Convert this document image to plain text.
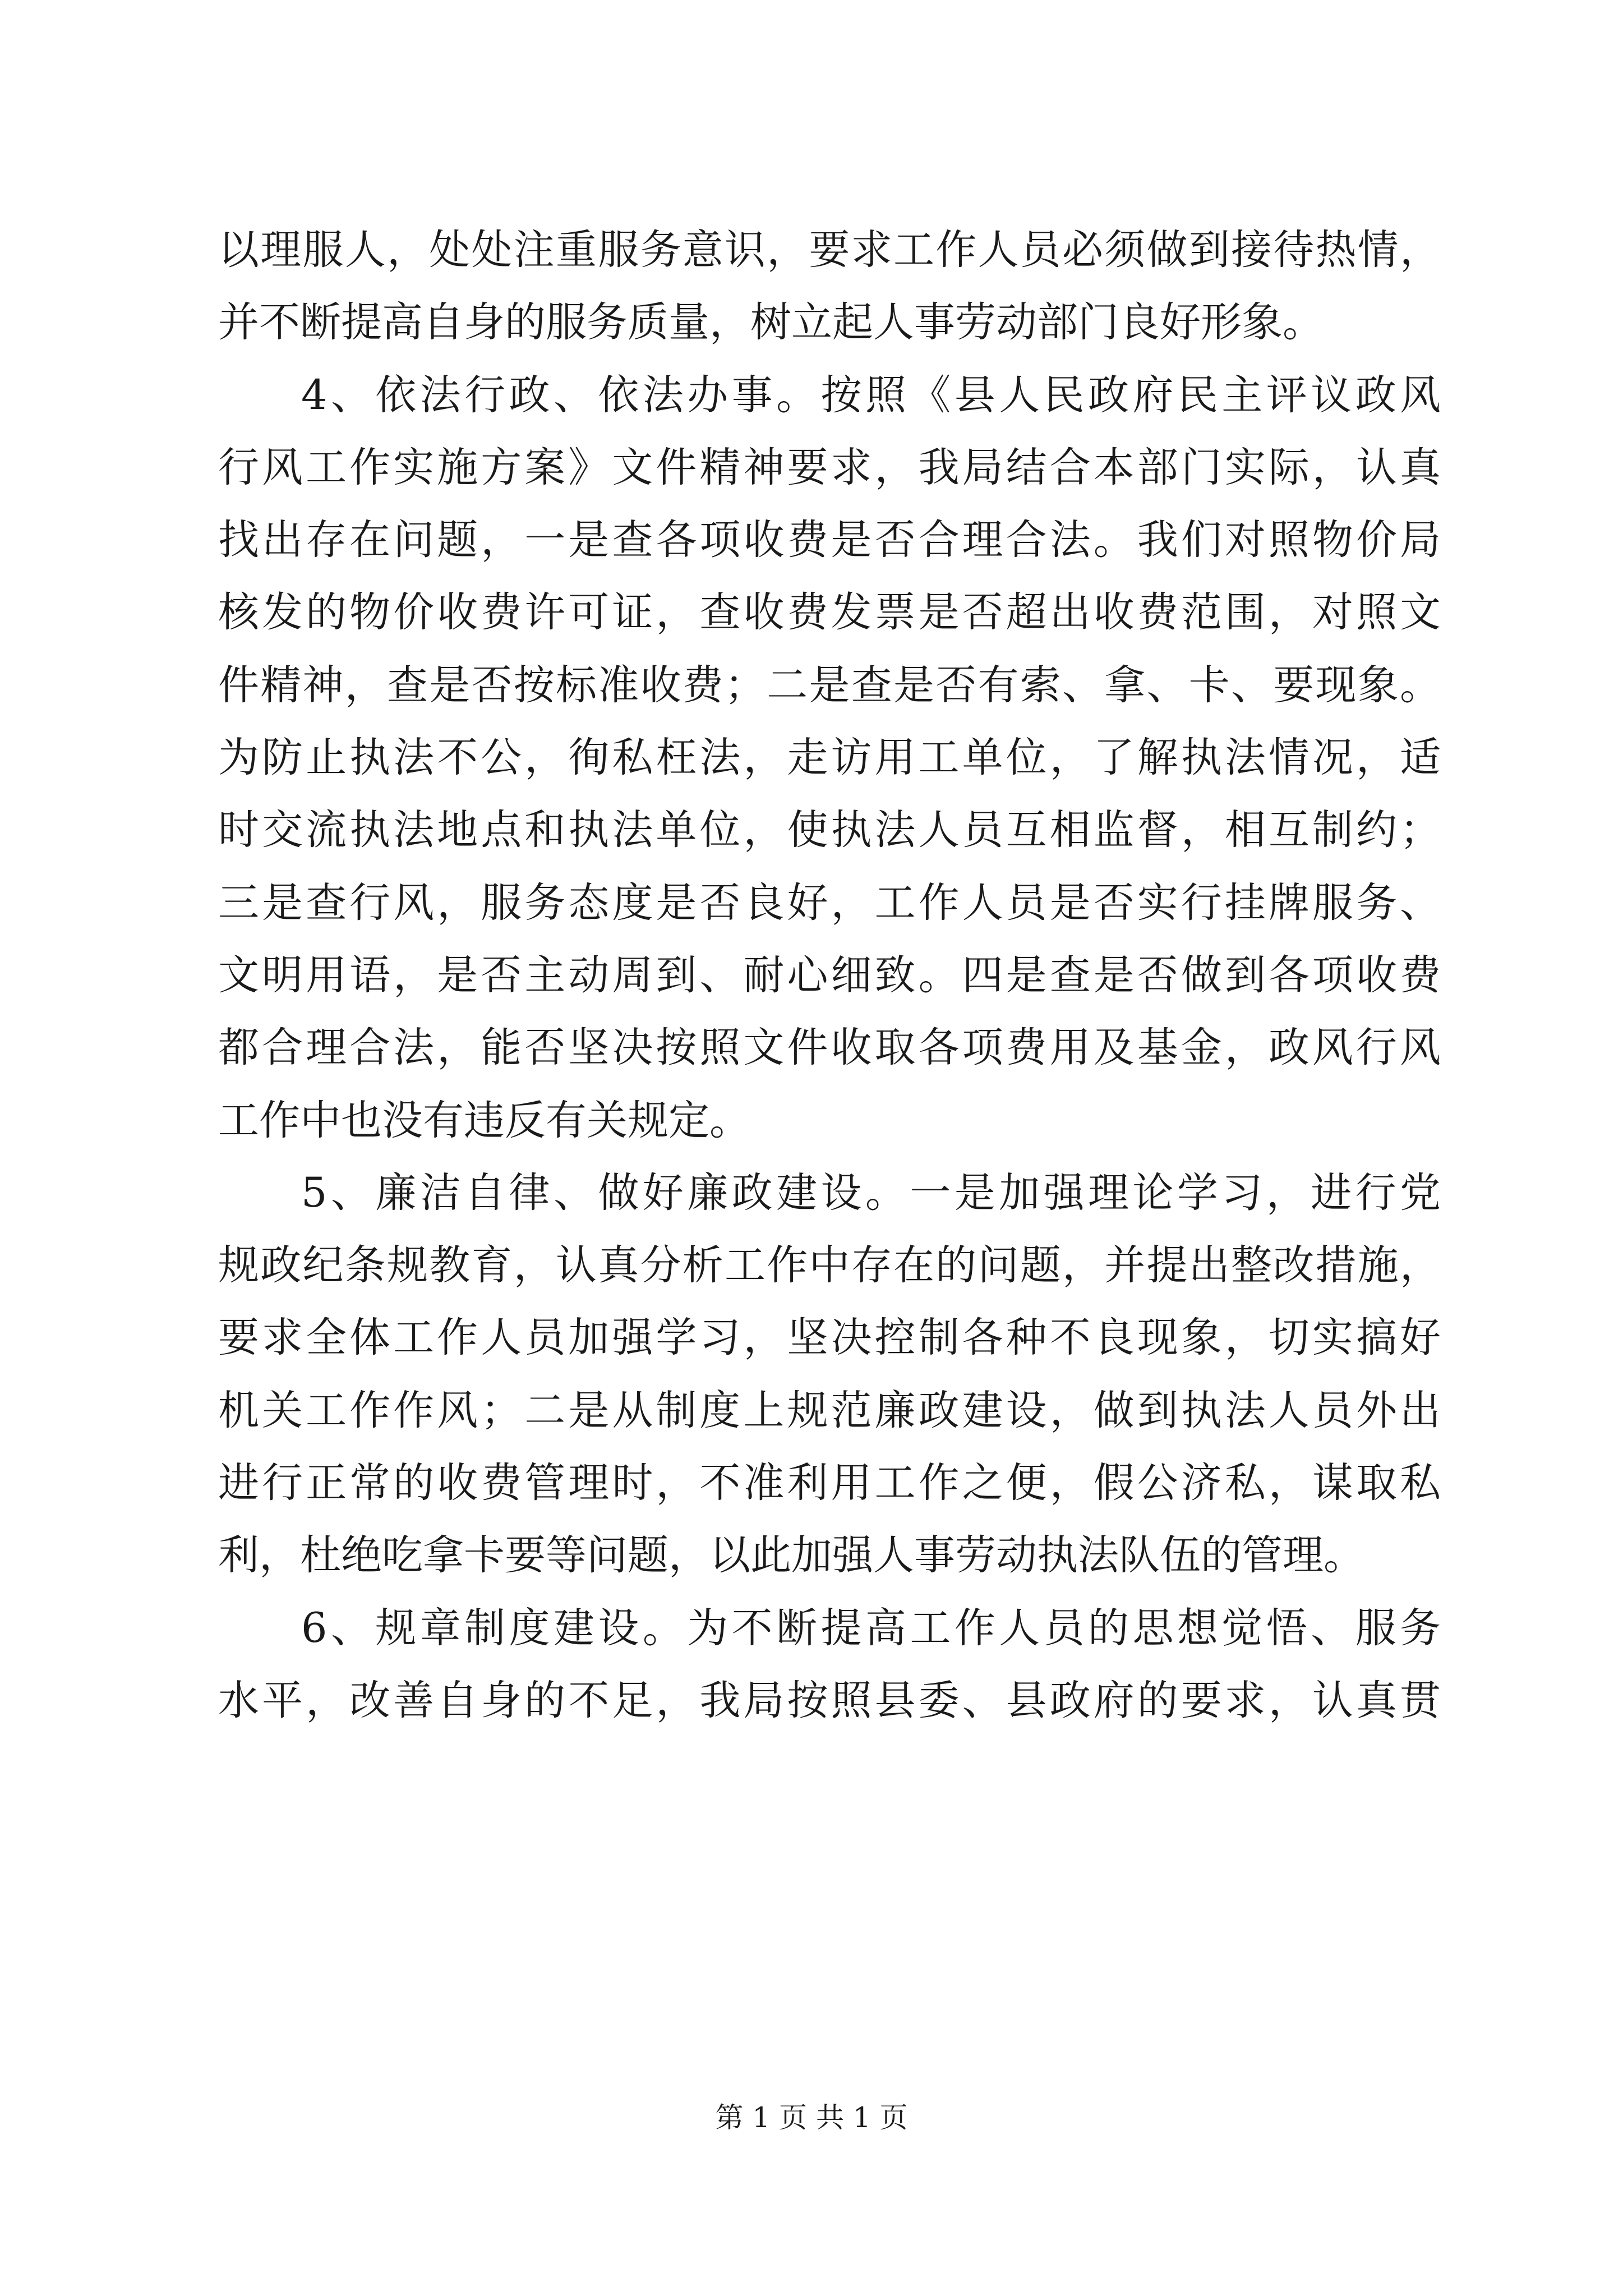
以理服人，处处注重服务意识，要求工作人员必须做到接待热情，
并不断提高自身的服务质量，树立起人事劳动部门良好形象。
4、依法行政、依法办事。按照《县人民政府民主评议政风
行风工作实施方案》文件精神要求，我局结合本部门实际，认真
找出存在问题，一是查各项收费是否合理合法。我们对照物价局
核发的物价收费许可证，查收费发票是否超出收费范围，对照文
件精神，查是否按标准收费；二是查是否有索、拿、卡、要现象。
为防止执法不公，徇私枉法，走访用工单位，了解执法情况，适
时交流执法地点和执法单位，使执法人员互相监督，相互制约；
三是查行风，服务态度是否良好，工作人员是否实行挂牌服务、
文明用语，是否主动周到、耐心细致。四是查是否做到各项收费
都合理合法，能否坚决按照文件收取各项费用及基金，政风行风
工作中也没有违反有关规定。
5、廉洁自律、做好廉政建设。一是加强理论学习，进行党
规政纪条规教育，认真分析工作中存在的问题，并提出整改措施，
要求全体工作人员加强学习，坚决控制各种不良现象，切实搞好
机关工作作风；二是从制度上规范廉政建设，做到执法人员外出
进行正常的收费管理时，不准利用工作之便，假公济私，谋取私
利，杜绝吃拿卡要等问题，以此加强人事劳动执法队伍的管理。
6、规章制度建设。为不断提高工作人员的思想觉悟、服务
水平，改善自身的不足，我局按照县委、县政府的要求，认真贯
第 1 页 共 1 页
